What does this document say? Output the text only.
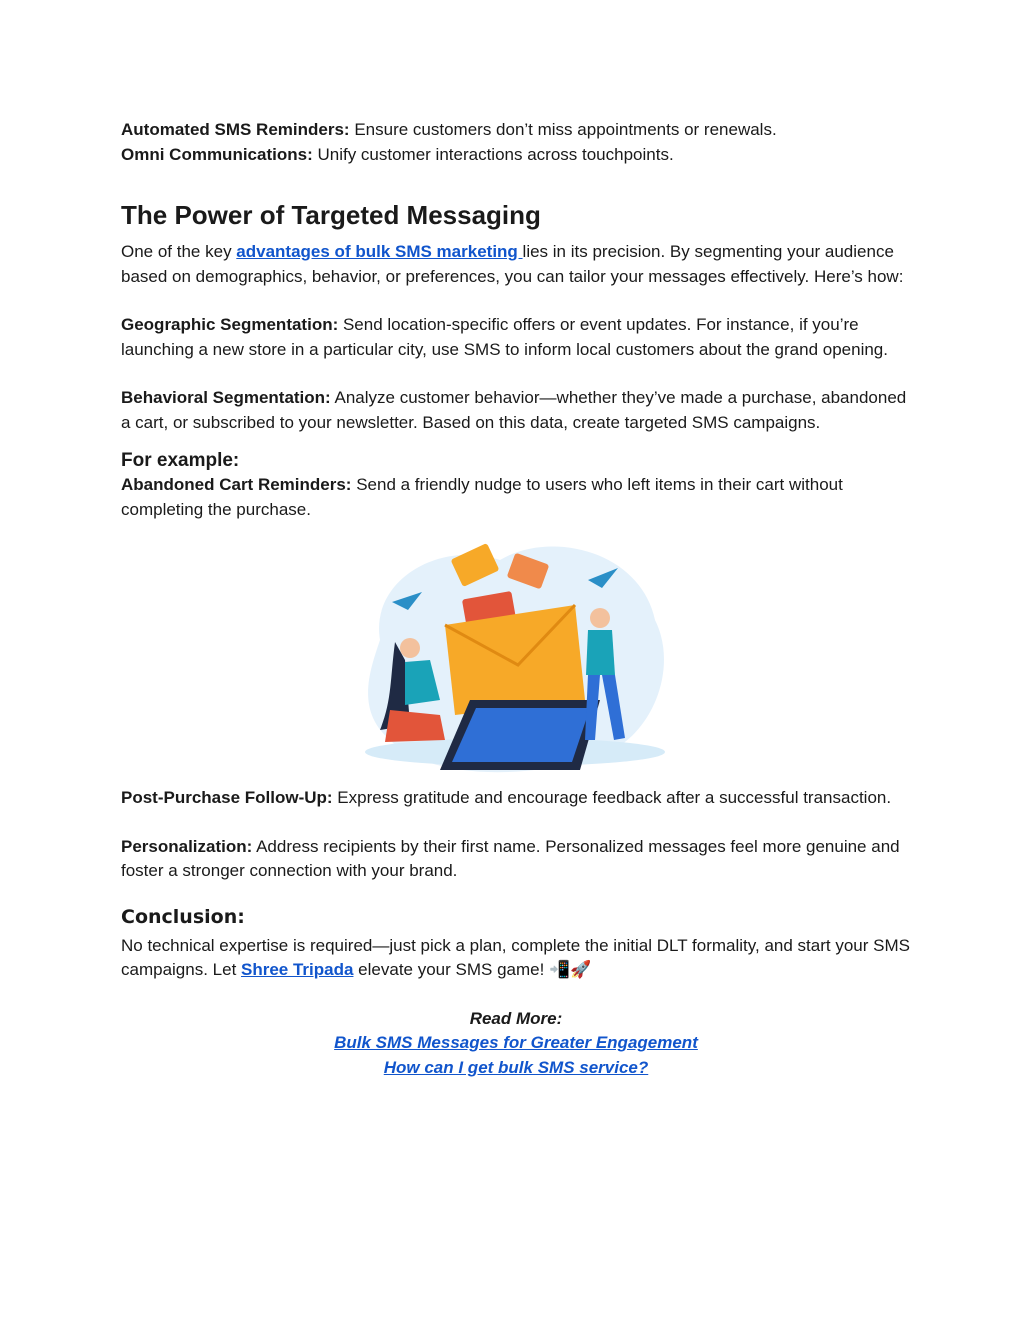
Automated SMS Reminders: Ensure customers don’t miss appointments or renewals.

Omni Communications: Unify customer interactions across touchpoints.

The Power of Targeted Messaging

One of the key advantages of bulk SMS marketing lies in its precision. By segmenting your audience based on demographics, behavior, or preferences, you can tailor your messages effectively. Here’s how:

Geographic Segmentation: Send location-specific offers or event updates. For instance, if you’re launching a new store in a particular city, use SMS to inform local customers about the grand opening.

Behavioral Segmentation: Analyze customer behavior—whether they’ve made a purchase, abandoned a cart, or subscribed to your newsletter. Based on this data, create targeted SMS campaigns.

For example:

Abandoned Cart Reminders: Send a friendly nudge to users who left items in their cart without completing the purchase.

Post-Purchase Follow-Up: Express gratitude and encourage feedback after a successful transaction.

Personalization: Address recipients by their first name. Personalized messages feel more genuine and foster a stronger connection with your brand.

Conclusion:

No technical expertise is required—just pick a plan, complete the initial DLT formality, and start your SMS campaigns. Let Shree Tripada elevate your SMS game! 📲🚀

Read More:

Bulk SMS Messages for Greater Engagement

How can I get bulk SMS service?
